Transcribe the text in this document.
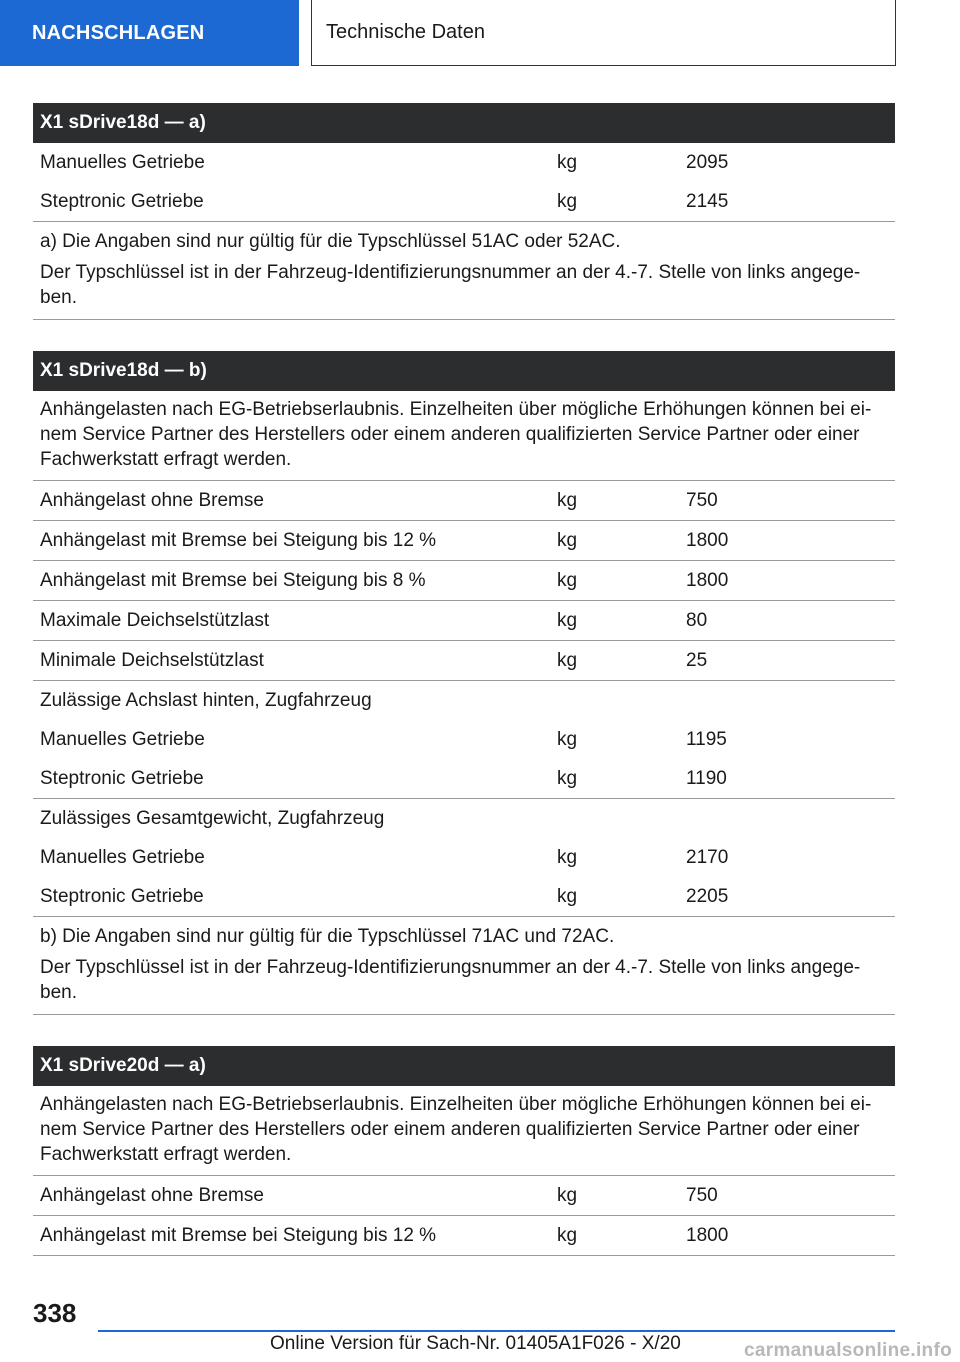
NACHSCHLAGEN	Technische Daten
X1 sDrive18d — a)
Manuelles Getriebe	kg	2095
Steptronic Getriebe	kg	2145

a) Die Angaben sind nur gültig für die Typschlüssel 51AC oder 52AC.

Der Typschlüssel ist in der Fahrzeug-Identifizierungsnummer an der 4.-7. Stelle von links angege-ben.

X1 sDrive18d — b)
Anhängelasten nach EG-Betriebserlaubnis. Einzelheiten über mögliche Erhöhungen können bei ei-nem Service Partner des Herstellers oder einem anderen qualifizierten Service Partner oder einer Fachwerkstatt erfragt werden.
Anhängelast ohne Bremse	kg	750
Anhängelast mit Bremse bei Steigung bis 12 %	kg	1800
Anhängelast mit Bremse bei Steigung bis 8 %	kg	1800
Maximale Deichselstützlast	kg	80
Minimale Deichselstützlast	kg	25
Zulässige Achslast hinten, Zugfahrzeug
Manuelles Getriebe	kg	1195
Steptronic Getriebe	kg	1190
Zulässiges Gesamtgewicht, Zugfahrzeug
Manuelles Getriebe	kg	2170
Steptronic Getriebe	kg	2205

b) Die Angaben sind nur gültig für die Typschlüssel 71AC und 72AC.

Der Typschlüssel ist in der Fahrzeug-Identifizierungsnummer an der 4.-7. Stelle von links angege-ben.

X1 sDrive20d — a)
Anhängelasten nach EG-Betriebserlaubnis. Einzelheiten über mögliche Erhöhungen können bei ei-nem Service Partner des Herstellers oder einem anderen qualifizierten Service Partner oder einer Fachwerkstatt erfragt werden.
Anhängelast ohne Bremse	kg	750
Anhängelast mit Bremse bei Steigung bis 12 %	kg	1800
338
Online Version für Sach-Nr. 01405A1F026 - X/20	carmanualsonline.info
